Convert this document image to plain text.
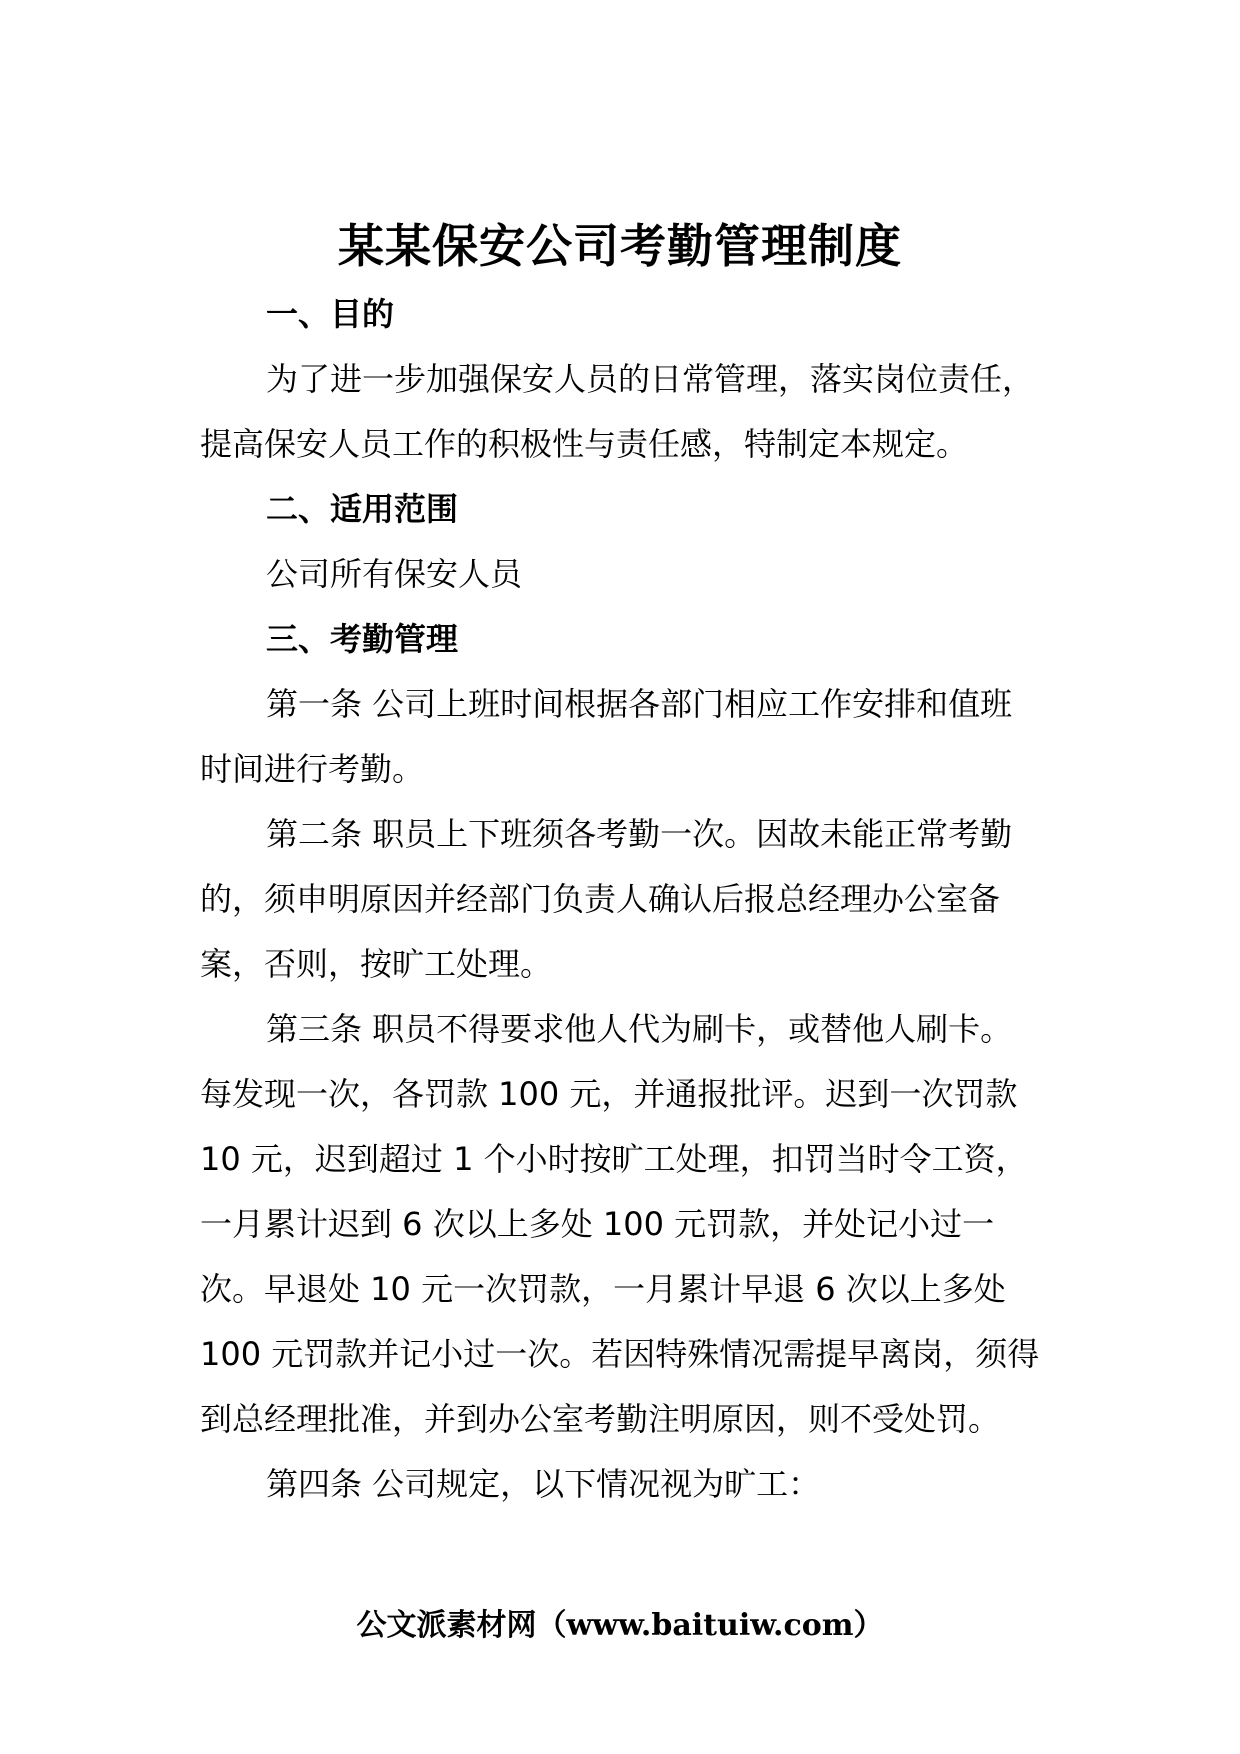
某某保安公司考勤管理制度

一、目的

为了进一步加强保安人员的日常管理，落实岗位责任，

提高保安人员工作的积极性与责任感，特制定本规定。

二、适用范围

公司所有保安人员

三、考勤管理

第一条 公司上班时间根据各部门相应工作安排和值班

时间进行考勤。

第二条 职员上下班须各考勤一次。因故未能正常考勤

的，须申明原因并经部门负责人确认后报总经理办公室备

案，否则，按旷工处理。

第三条 职员不得要求他人代为刷卡，或替他人刷卡。

每发现一次，各罚款 100 元，并通报批评。迟到一次罚款

10 元，迟到超过 1 个小时按旷工处理，扣罚当时令工资，

一月累计迟到 6 次以上多处 100 元罚款，并处记小过一

次。早退处 10 元一次罚款，一月累计早退 6 次以上多处

100 元罚款并记小过一次。若因特殊情况需提早离岗，须得

到总经理批准，并到办公室考勤注明原因，则不受处罚。

第四条 公司规定，以下情况视为旷工：

公文派素材网（www.baituiw.com）
